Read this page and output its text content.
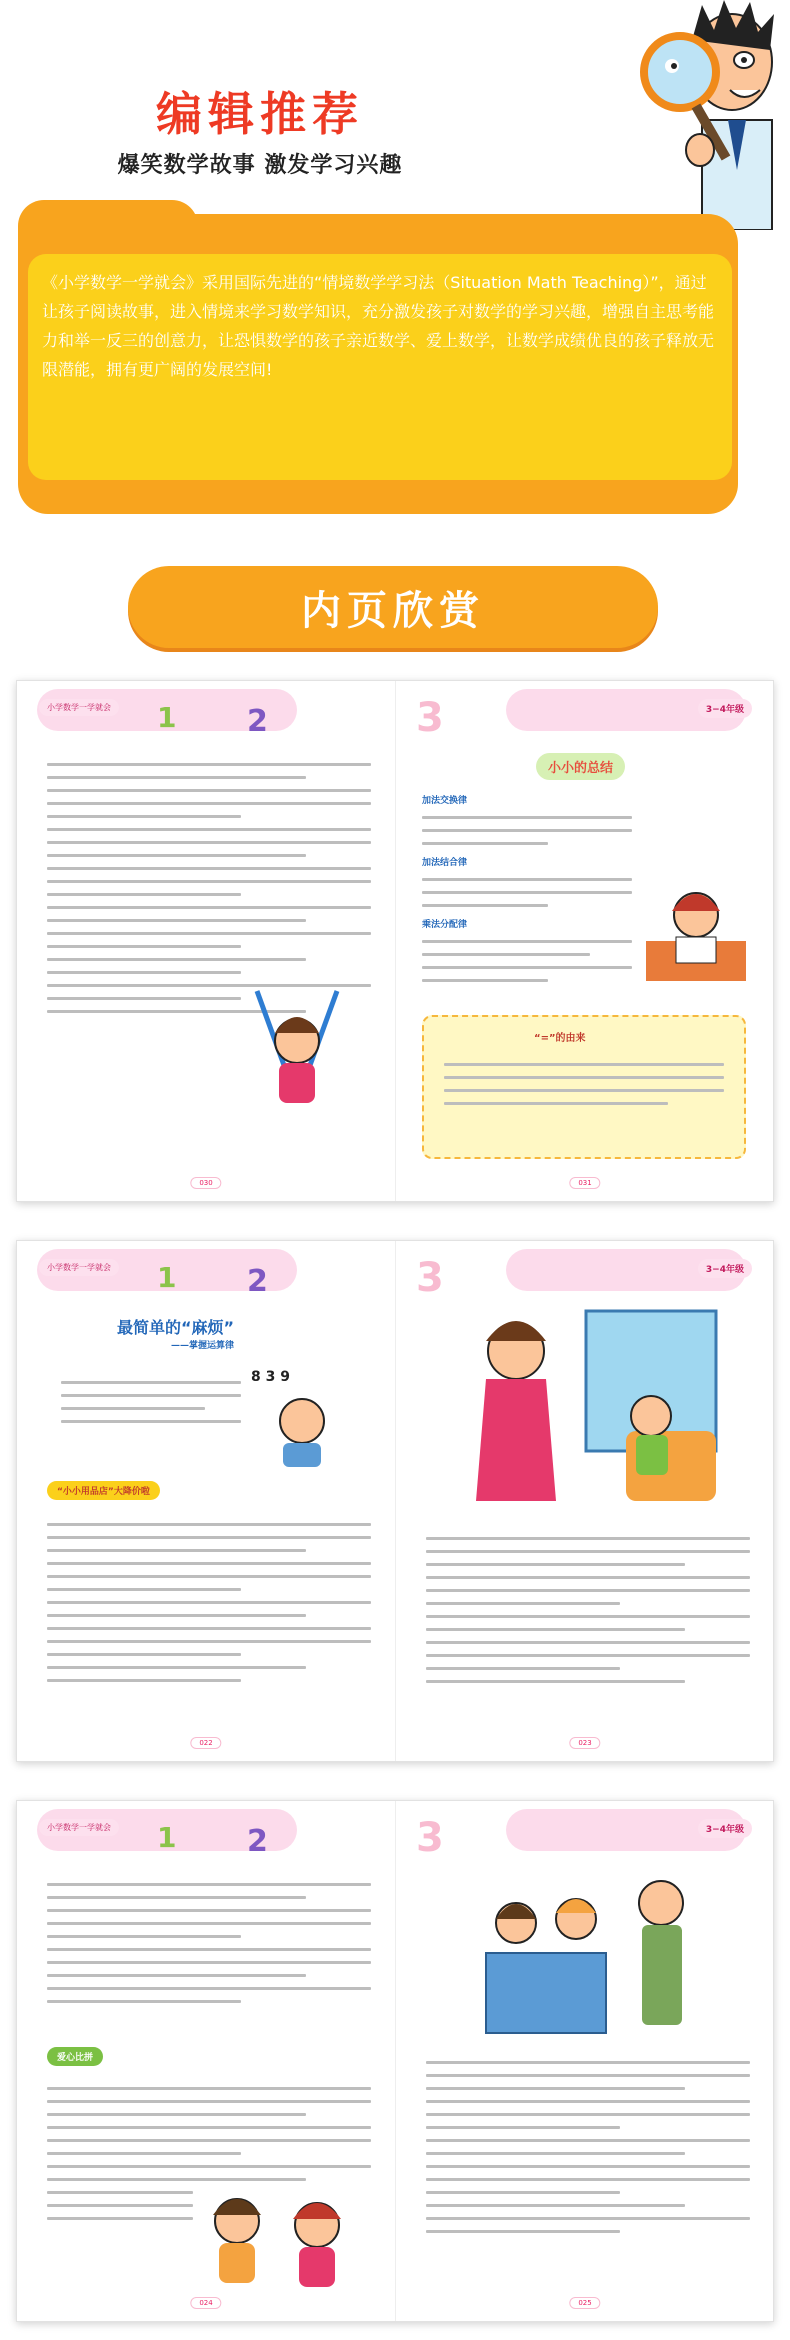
编辑推荐
爆笑数学故事 激发学习兴趣

《小学数学一学就会》采用国际先进的“情境数学学习法（Situation Math Teaching）”，通过让孩子阅读故事，进入情境来学习数学知识，充分激发孩子对数学的学习兴趣，增强自主思考能力和举一反三的创意力，让恐惧数学的孩子亲近数学、爱上数学，让数学成绩优良的孩子释放无限潜能，拥有更广阔的发展空间!

内页欣赏
小学数学一学就会 1 2
030
3	3−4年级
小小的总结
加法交换律
加法结合律
乘法分配律
“=”的由来
031
小学数学一学就会 1 2
最简单的“麻烦”
——掌握运算律
8 3 9
“小小用品店”大降价啦
022
3	3−4年级
023
小学数学一学就会 1 2
爱心比拼
024
3	3−4年级
025
